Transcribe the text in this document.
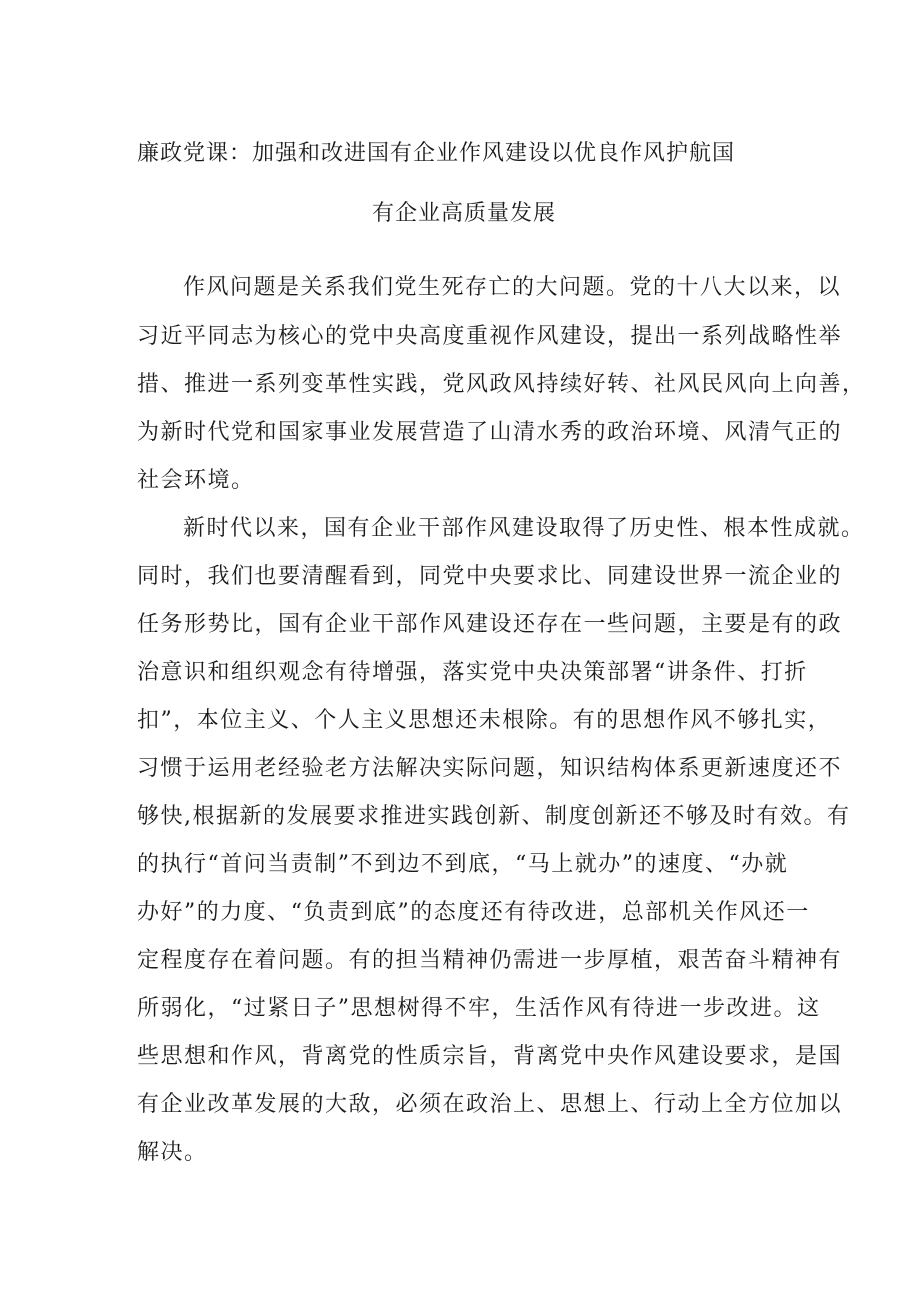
廉政党课：加强和改进国有企业作风建设以优良作风护航国
有企业高质量发展
作风问题是关系我们党生死存亡的大问题。党的十八大以来，以
习近平同志为核心的党中央高度重视作风建设，提出一系列战略性举
措、推进一系列变革性实践，党风政风持续好转、社风民风向上向善，
为新时代党和国家事业发展营造了山清水秀的政治环境、风清气正的
社会环境。
新时代以来，国有企业干部作风建设取得了历史性、根本性成就。
同时，我们也要清醒看到，同党中央要求比、同建设世界一流企业的
任务形势比，国有企业干部作风建设还存在一些问题，主要是有的政
治意识和组织观念有待增强，落实党中央决策部署“讲条件、打折
扣”，本位主义、个人主义思想还未根除。有的思想作风不够扎实，
习惯于运用老经验老方法解决实际问题，知识结构体系更新速度还不
够快,根据新的发展要求推进实践创新、制度创新还不够及时有效。有
的执行“首问当责制”不到边不到底，“马上就办”的速度、“办就
办好”的力度、“负责到底”的态度还有待改进，总部机关作风还一
定程度存在着问题。有的担当精神仍需进一步厚植，艰苦奋斗精神有
所弱化，“过紧日子”思想树得不牢，生活作风有待进一步改进。这
些思想和作风，背离党的性质宗旨，背离党中央作风建设要求，是国
有企业改革发展的大敌，必须在政治上、思想上、行动上全方位加以
解决。
